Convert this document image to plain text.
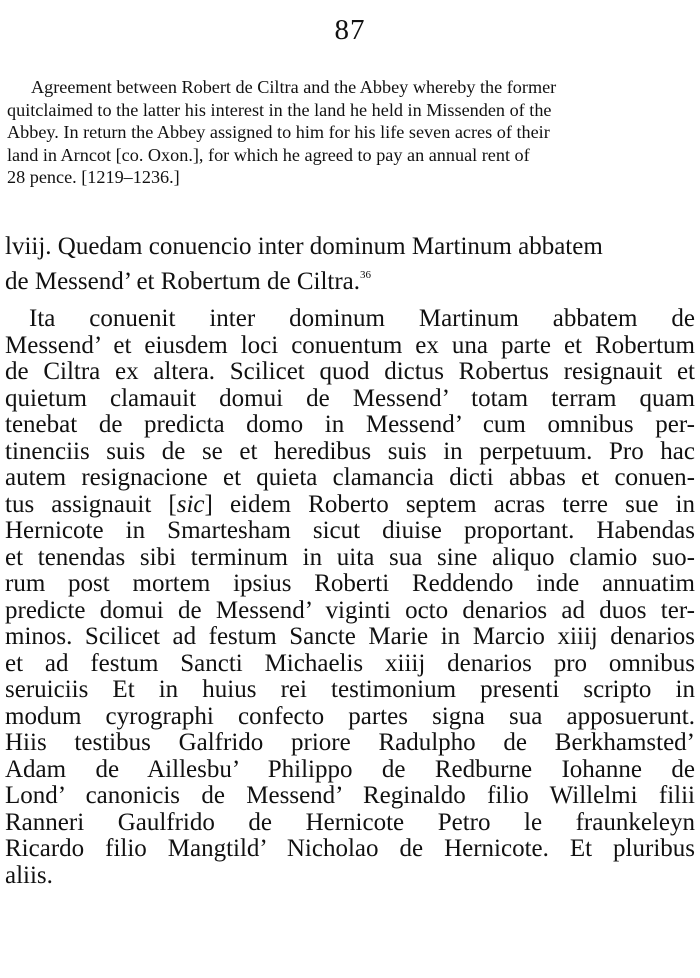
87
Agreement between Robert de Ciltra and the Abbey whereby the former
quitclaimed to the latter his interest in the land he held in Missenden of the
Abbey. In return the Abbey assigned to him for his life seven acres of their
land in Arncot [co. Oxon.], for which he agreed to pay an annual rent of
28 pence. [1219–1236.]
lviij. Quedam conuencio inter dominum Martinum abbatem
de Messend’ et Robertum de Ciltra.$^{36}$
Ita conuenit inter dominum Martinum abbatem de
Messend’ et eiusdem loci conuentum ex una parte et Robertum
de Ciltra ex altera. Scilicet quod dictus Robertus resignauit et
quietum clamauit domui de Messend’ totam terram quam
tenebat de predicta domo in Messend’ cum omnibus per-
tinenciis suis de se et heredibus suis in perpetuum. Pro hac
autem resignacione et quieta clamancia dicti abbas et conuen-
tus assignauit [sic] eidem Roberto septem acras terre sue in
Hernicote in Smartesham sicut diuise proportant. Habendas
et tenendas sibi terminum in uita sua sine aliquo clamio suo-
rum post mortem ipsius Roberti Reddendo inde annuatim
predicte domui de Messend’ viginti octo denarios ad duos ter-
minos. Scilicet ad festum Sancte Marie in Marcio xiiij denarios
et ad festum Sancti Michaelis xiiij denarios pro omnibus
seruiciis Et in huius rei testimonium presenti scripto in
modum cyrographi confecto partes signa sua apposuerunt.
Hiis testibus Galfrido priore Radulpho de Berkhamsted’
Adam de Aillesbu’ Philippo de Redburne Iohanne de
Lond’ canonicis de Messend’ Reginaldo filio Willelmi filii
Ranneri Gaulfrido de Hernicote Petro le fraunkeleyn
Ricardo filio Mangtild’ Nicholao de Hernicote. Et pluribus
aliis.
